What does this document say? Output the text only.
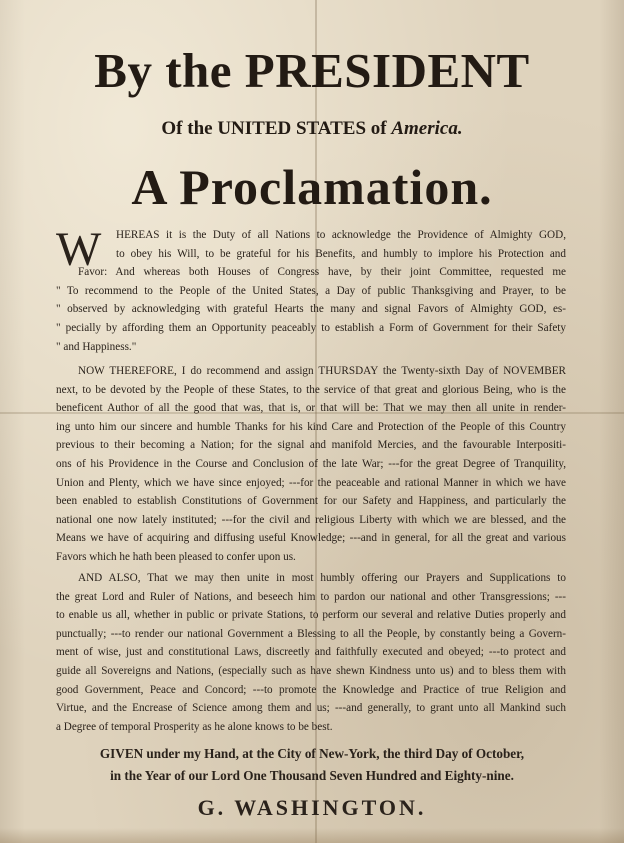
By the PRESIDENT
Of the UNITED STATES of America.
A Proclamation.
W	HEREAS it is the Duty of all Nations to acknowledge the Providence of Almighty GOD,
to obey his Will, to be grateful for his Benefits, and humbly to implore his Protection and
Favor: And whereas both Houses of Congress have, by their joint Committee, requested me
" To recommend to the People of the United States, a Day of public Thanksgiving and Prayer, to be
" observed by acknowledging with grateful Hearts the many and signal Favors of Almighty GOD, es-
" pecially by affording them an Opportunity peaceably to establish a Form of Government for their Safety
" and Happiness."
NOW THEREFORE, I do recommend and assign THURSDAY the Twenty-sixth Day of NOVEMBER
next, to be devoted by the People of these States, to the service of that great and glorious Being, who is the
beneficent Author of all the good that was, that is, or that will be: That we may then all unite in render-
ing unto him our sincere and humble Thanks for his kind Care and Protection of the People of this Country
previous to their becoming a Nation; for the signal and manifold Mercies, and the favourable Interpositi-
ons of his Providence in the Course and Conclusion of the late War; ---for the great Degree of Tranquility,
Union and Plenty, which we have since enjoyed; ---for the peaceable and rational Manner in which we have
been enabled to establish Constitutions of Government for our Safety and Happiness, and particularly the
national one now lately instituted; ---for the civil and religious Liberty with which we are blessed, and the
Means we have of acquiring and diffusing useful Knowledge; ---and in general, for all the great and various
Favors which he hath been pleased to confer upon us.
AND ALSO, That we may then unite in most humbly offering our Prayers and Supplications to
the great Lord and Ruler of Nations, and beseech him to pardon our national and other Transgressions; ---
to enable us all, whether in public or private Stations, to perform our several and relative Duties properly and
punctually; ---to render our national Government a Blessing to all the People, by constantly being a Govern-
ment of wise, just and constitutional Laws, discreetly and faithfully executed and obeyed; ---to protect and
guide all Sovereigns and Nations, (especially such as have shewn Kindness unto us) and to bless them with
good Government, Peace and Concord; ---to promote the Knowledge and Practice of true Religion and
Virtue, and the Encrease of Science among them and us; ---and generally, to grant unto all Mankind such
a Degree of temporal Prosperity as he alone knows to be best.
GIVEN under my Hand, at the City of New-York, the third Day of October,
in the Year of our Lord One Thousand Seven Hundred and Eighty-nine.
G. WASHINGTON.
